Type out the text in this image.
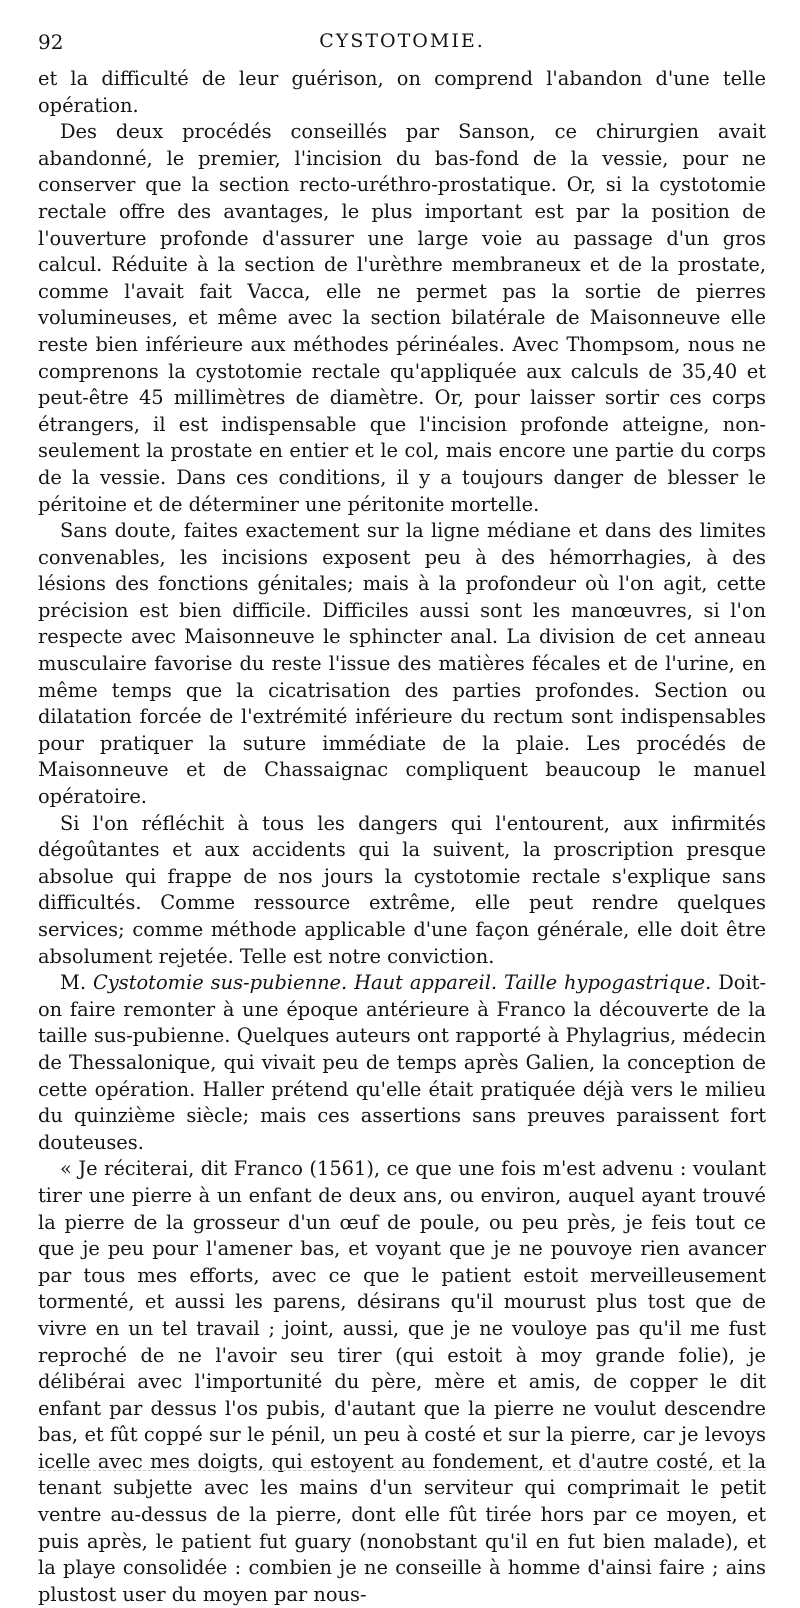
92	CYSTOTOMIE.

et la difficulté de leur guérison, on comprend l'abandon d'une telle opération.

Des deux procédés conseillés par Sanson, ce chirurgien avait abandonné, le premier, l'incision du bas-fond de la vessie, pour ne conserver que la section recto-uréthro-prostatique. Or, si la cystotomie rectale offre des avantages, le plus important est par la position de l'ouverture profonde d'assurer une large voie au passage d'un gros calcul. Réduite à la section de l'urèthre membraneux et de la prostate, comme l'avait fait Vacca, elle ne permet pas la sortie de pierres volumineuses, et même avec la section bilatérale de Maisonneuve elle reste bien inférieure aux méthodes périnéales. Avec Thompsom, nous ne comprenons la cystotomie rectale qu'appliquée aux calculs de 35,40 et peut-être 45 millimètres de diamètre. Or, pour laisser sortir ces corps étrangers, il est indispensable que l'incision profonde atteigne, non-seulement la prostate en entier et le col, mais encore une partie du corps de la vessie. Dans ces conditions, il y a toujours danger de blesser le péritoine et de déterminer une péritonite mortelle.

Sans doute, faites exactement sur la ligne médiane et dans des limites convenables, les incisions exposent peu à des hémorrhagies, à des lésions des fonctions génitales; mais à la profondeur où l'on agit, cette précision est bien difficile. Difficiles aussi sont les manœuvres, si l'on respecte avec Maisonneuve le sphincter anal. La division de cet anneau musculaire favorise du reste l'issue des matières fécales et de l'urine, en même temps que la cicatrisation des parties profondes. Section ou dilatation forcée de l'extrémité inférieure du rectum sont indispensables pour pratiquer la suture immédiate de la plaie. Les procédés de Maisonneuve et de Chassaignac compliquent beaucoup le manuel opératoire.

Si l'on réfléchit à tous les dangers qui l'entourent, aux infirmités dégoûtantes et aux accidents qui la suivent, la proscription presque absolue qui frappe de nos jours la cystotomie rectale s'explique sans difficultés. Comme ressource extrême, elle peut rendre quelques services; comme méthode applicable d'une façon générale, elle doit être absolument rejetée. Telle est notre conviction.

M. Cystotomie sus-pubienne. Haut appareil. Taille hypogastrique. Doit-on faire remonter à une époque antérieure à Franco la découverte de la taille sus-pubienne. Quelques auteurs ont rapporté à Phylagrius, médecin de Thessalonique, qui vivait peu de temps après Galien, la conception de cette opération. Haller prétend qu'elle était pratiquée déjà vers le milieu du quinzième siècle; mais ces assertions sans preuves paraissent fort douteuses.

« Je réciterai, dit Franco (1561), ce que une fois m'est advenu : voulant tirer une pierre à un enfant de deux ans, ou environ, auquel ayant trouvé la pierre de la grosseur d'un œuf de poule, ou peu près, je feis tout ce que je peu pour l'amener bas, et voyant que je ne pouvoye rien avancer par tous mes efforts, avec ce que le patient estoit merveilleusement tormenté, et aussi les parens, désirans qu'il mourust plus tost que de vivre en un tel travail ; joint, aussi, que je ne vouloye pas qu'il me fust reproché de ne l'avoir seu tirer (qui estoit à moy grande folie), je délibérai avec l'importunité du père, mère et amis, de copper le dit enfant par dessus l'os pubis, d'autant que la pierre ne voulut descendre bas, et fût coppé sur le pénil, un peu à costé et sur la pierre, car je levoys icelle avec mes doigts, qui estoyent au fondement, et d'autre costé, et la tenant subjette avec les mains d'un serviteur qui comprimait le petit ventre au-dessus de la pierre, dont elle fût tirée hors par ce moyen, et puis après, le patient fut guary (nonobstant qu'il en fut bien malade), et la playe consolidée : combien je ne conseille à homme d'ainsi faire ; ains plustost user du moyen par nous-
